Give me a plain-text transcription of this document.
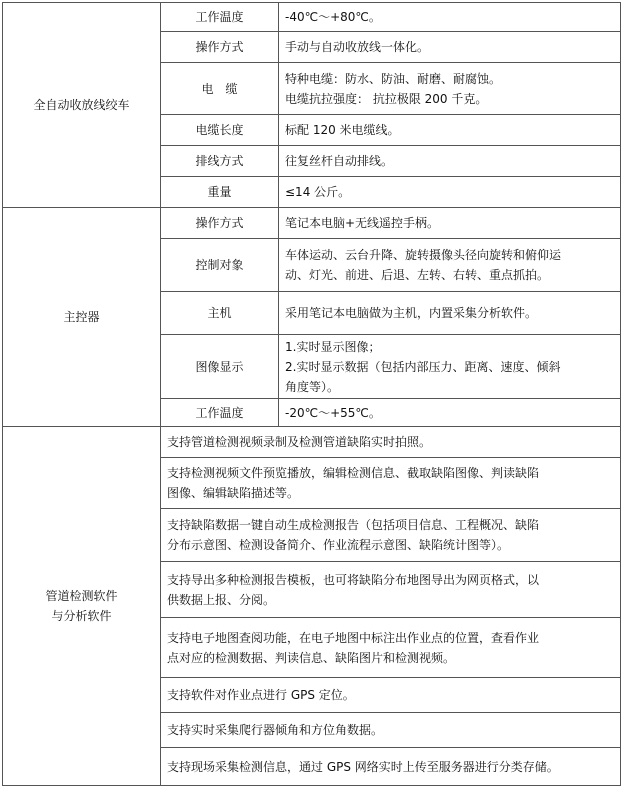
全自动收放线绞车	工作温度	-40℃～+80℃。
	操作方式	手动与自动收放线一体化。
	电　缆	特种电缆：防水、防油、耐磨、耐腐蚀。
电缆抗拉强度： 抗拉极限 200 千克。

	电缆长度	标配 120 米电缆线。
	排线方式	往复丝杆自动排线。
	重量	≤14 公斤。
主控器	操作方式	笔记本电脑+无线遥控手柄。
	控制对象	车体运动、云台升降、旋转摄像头径向旋转和俯仰运
动、灯光、前进、后退、左转、右转、重点抓拍。

	主机	采用笔记本电脑做为主机，内置采集分析软件。
	图像显示	1.实时显示图像；
2.实时显示数据（包括内部压力、距离、速度、倾斜
角度等）。

	工作温度	-20℃～+55℃。

管道检测软件
与分析软件	支持管道检测视频录制及检测管道缺陷实时拍照。	

	支持检测视频文件预览播放，编辑检测信息、截取缺陷图像、判读缺陷
图像、编辑缺陷描述等。	

	支持缺陷数据一键自动生成检测报告（包括项目信息、工程概况、缺陷
分布示意图、检测设备简介、作业流程示意图、缺陷统计图等）。	

	支持导出多种检测报告模板，也可将缺陷分布地图导出为网页格式，以
供数据上报、分阅。	

	支持电子地图查阅功能，在电子地图中标注出作业点的位置，查看作业
点对应的检测数据、判读信息、缺陷图片和检测视频。	

	支持软件对作业点进行 GPS 定位。	

	支持实时采集爬行器倾角和方位角数据。	

	支持现场采集检测信息，通过 GPS 网络实时上传至服务器进行分类存储。	
